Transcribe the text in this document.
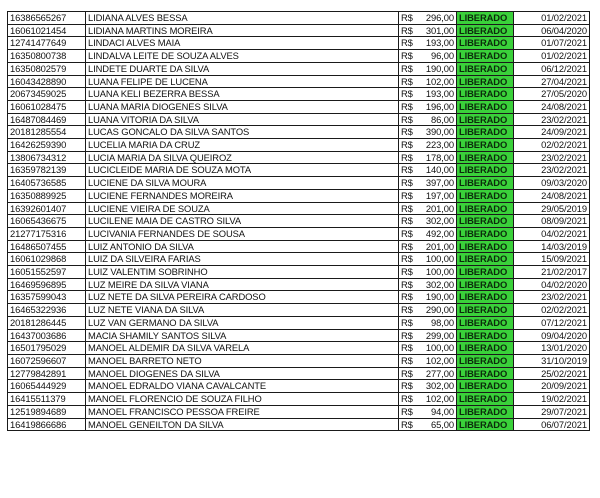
16386565267	LIDIANA ALVES BESSA	R$	296,00	LIBERADO	01/02/2021
16061021454	LIDIANA MARTINS MOREIRA	R$	301,00	LIBERADO	06/04/2020
12741477649	LINDACI ALVES MAIA	R$	193,00	LIBERADO	01/07/2021
16350800738	LINDALVA LEITE DE SOUZA ALVES	R$	96,00	LIBERADO	01/02/2021
16350802579	LINDETE DUARTE DA SILVA	R$	190,00	LIBERADO	06/12/2021
16043428890	LUANA FELIPE DE LUCENA	R$	102,00	LIBERADO	27/04/2021
20673459025	LUANA KELI BEZERRA BESSA	R$	193,00	LIBERADO	27/05/2020
16061028475	LUANA MARIA DIOGENES SILVA	R$	196,00	LIBERADO	24/08/2021
16487084469	LUANA VITORIA DA SILVA	R$	86,00	LIBERADO	23/02/2021
20181285554	LUCAS GONCALO DA SILVA SANTOS	R$	390,00	LIBERADO	24/09/2021
16426259390	LUCELIA MARIA DA CRUZ	R$	223,00	LIBERADO	02/02/2021
13806734312	LUCIA MARIA DA SILVA QUEIROZ	R$	178,00	LIBERADO	23/02/2021
16359782139	LUCICLEIDE MARIA DE SOUZA MOTA	R$	140,00	LIBERADO	23/02/2021
16405736585	LUCIENE DA SILVA MOURA	R$	397,00	LIBERADO	09/03/2020
16350889925	LUCIENE FERNANDES MOREIRA	R$	197,00	LIBERADO	24/08/2021
16392601407	LUCIENE VIEIRA DE SOUZA	R$	201,00	LIBERADO	29/05/2019
16065436675	LUCILENE MAIA DE CASTRO SILVA	R$	302,00	LIBERADO	08/09/2021
21277175316	LUCIVANIA FERNANDES DE SOUSA	R$	492,00	LIBERADO	04/02/2021
16486507455	LUIZ ANTONIO DA SILVA	R$	201,00	LIBERADO	14/03/2019
16061029868	LUIZ DA SILVEIRA FARIAS	R$	100,00	LIBERADO	15/09/2021
16051552597	LUIZ VALENTIM SOBRINHO	R$	100,00	LIBERADO	21/02/2017
16469596895	LUZ MEIRE DA SILVA VIANA	R$	302,00	LIBERADO	04/02/2020
16357599043	LUZ NETE DA SILVA PEREIRA CARDOSO	R$	190,00	LIBERADO	23/02/2021
16465322936	LUZ NETE VIANA DA SILVA	R$	290,00	LIBERADO	02/02/2021
20181286445	LUZ VAN GERMANO DA SILVA	R$	98,00	LIBERADO	07/12/2021
16437003686	MACIA SHAMILY SANTOS SILVA	R$	299,00	LIBERADO	09/04/2020
16501795029	MANOEL ALDEMIR DA SILVA VARELA	R$	100,00	LIBERADO	13/01/2020
16072596607	MANOEL BARRETO NETO	R$	102,00	LIBERADO	31/10/2019
12779842891	MANOEL DIOGENES DA SILVA	R$	277,00	LIBERADO	25/02/2021
16065444929	MANOEL EDRALDO VIANA CAVALCANTE	R$	302,00	LIBERADO	20/09/2021
16415511379	MANOEL FLORENCIO DE SOUZA FILHO	R$	102,00	LIBERADO	19/02/2021
12519894689	MANOEL FRANCISCO PESSOA FREIRE	R$	94,00	LIBERADO	29/07/2021
16419866686	MANOEL GENEILTON DA SILVA	R$	65,00	LIBERADO	06/07/2021
